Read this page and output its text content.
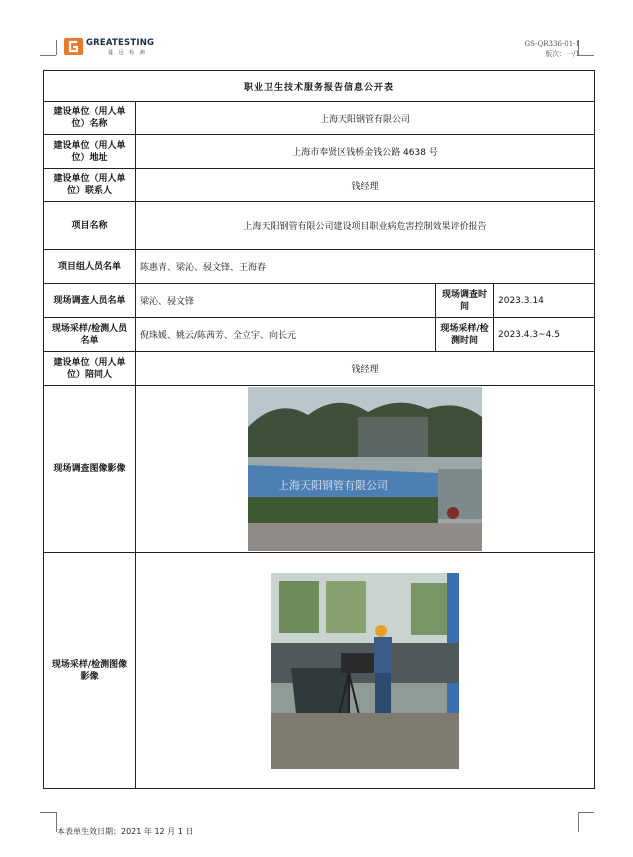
GREATESTING
蔓 远 检 测
GS-QR336-01-1
版次：一/1
职业卫生技术服务报告信息公开表			
建设单位（用人单位）名称	上海天阳钢管有限公司		
建设单位（用人单位）地址	上海市奉贤区钱桥金钱公路 4638 号		
建设单位（用人单位）联系人	钱经理		
项目名称	上海天阳钢管有限公司建设项目职业病危害控制效果评价报告		
项目组人员名单	陈惠青、梁沁、骎文锋、王海春		
现场调查人员名单	梁沁、骎文锋	现场调查时间	2023.3.14
现场采样/检测人员名单	倪珠媛、姚云/陈茜芳、全立宇、向长元	现场采样/检测时间	2023.4.3~4.5
建设单位（用人单位）陪同人	钱经理		
现场调查图像影像	上海天阳钢管有限公司		

现场采样/检测图像影像	
本表单生效日期：2021 年 12 月 1 日
